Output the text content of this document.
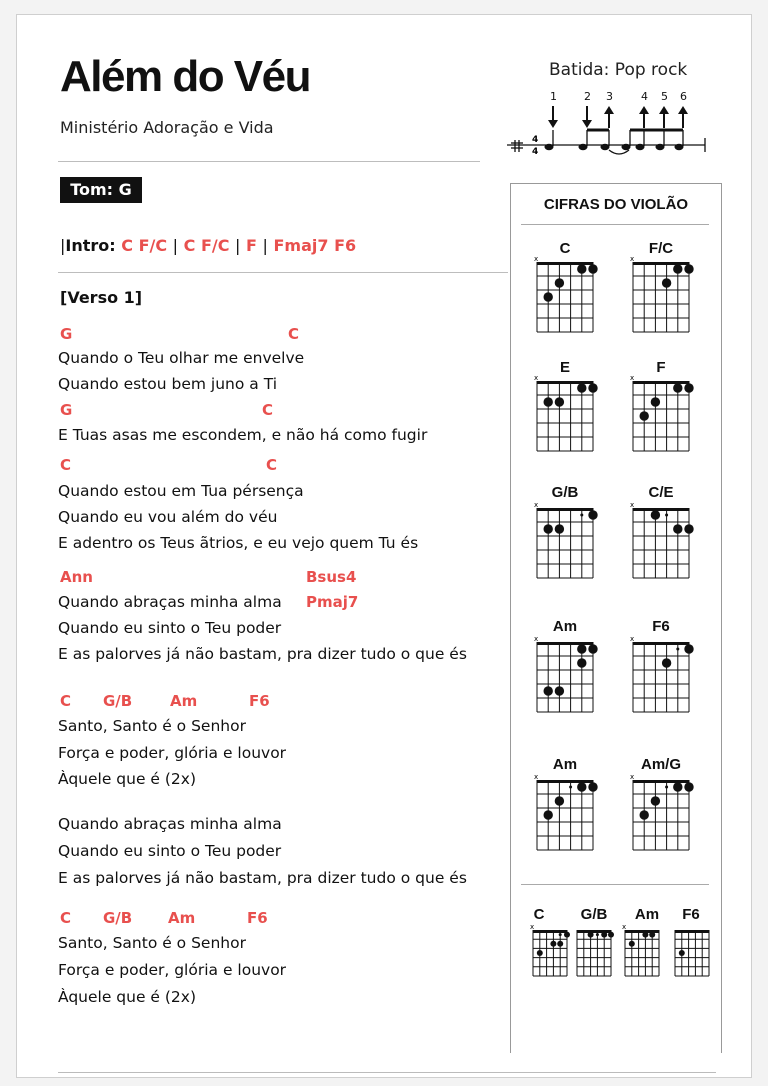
Além do Véu
Ministério Adoração e Vida
Batida: Pop rock
1 2 3	4 5 6
4
4
Tom: G
|Intro: C F/C | C F/C | F | Fmaj7 F6
[Verso 1]
G	C
Quando o Teu olhar me envelve
Quando estou bem juno a Ti
G	C
E Tuas asas me escondem, e não há como fugir
C	C
Quando estou em Tua pérsença
Quando eu vou além do véu
E adentro os Teus ãtrios, e eu vejo quem Tu és
Ann	Bsus4
Quando abraças minha alma Pmaj7
Quando eu sinto o Teu poder
E as palorves já não bastam, pra dizer tudo o que és
C G/B	Am	F6
Santo, Santo é o Senhor
Força e poder, glória e louvor
Àquele que é (2x)
Quando abraças minha alma
Quando eu sinto o Teu poder
E as palorves já não bastam, pra dizer tudo o que és
C G/B Am	F6
Santo, Santo é o Senhor
Força e poder, glória e louvor
Àquele que é (2x)
CIFRAS DO VIOLÃO
C	F/C
E	F
G/B	C/E
Am	F6
Am	Am/G
C	G/B	Am	F6
x	x
x	x
x	x
x	x
x	x
x	x
